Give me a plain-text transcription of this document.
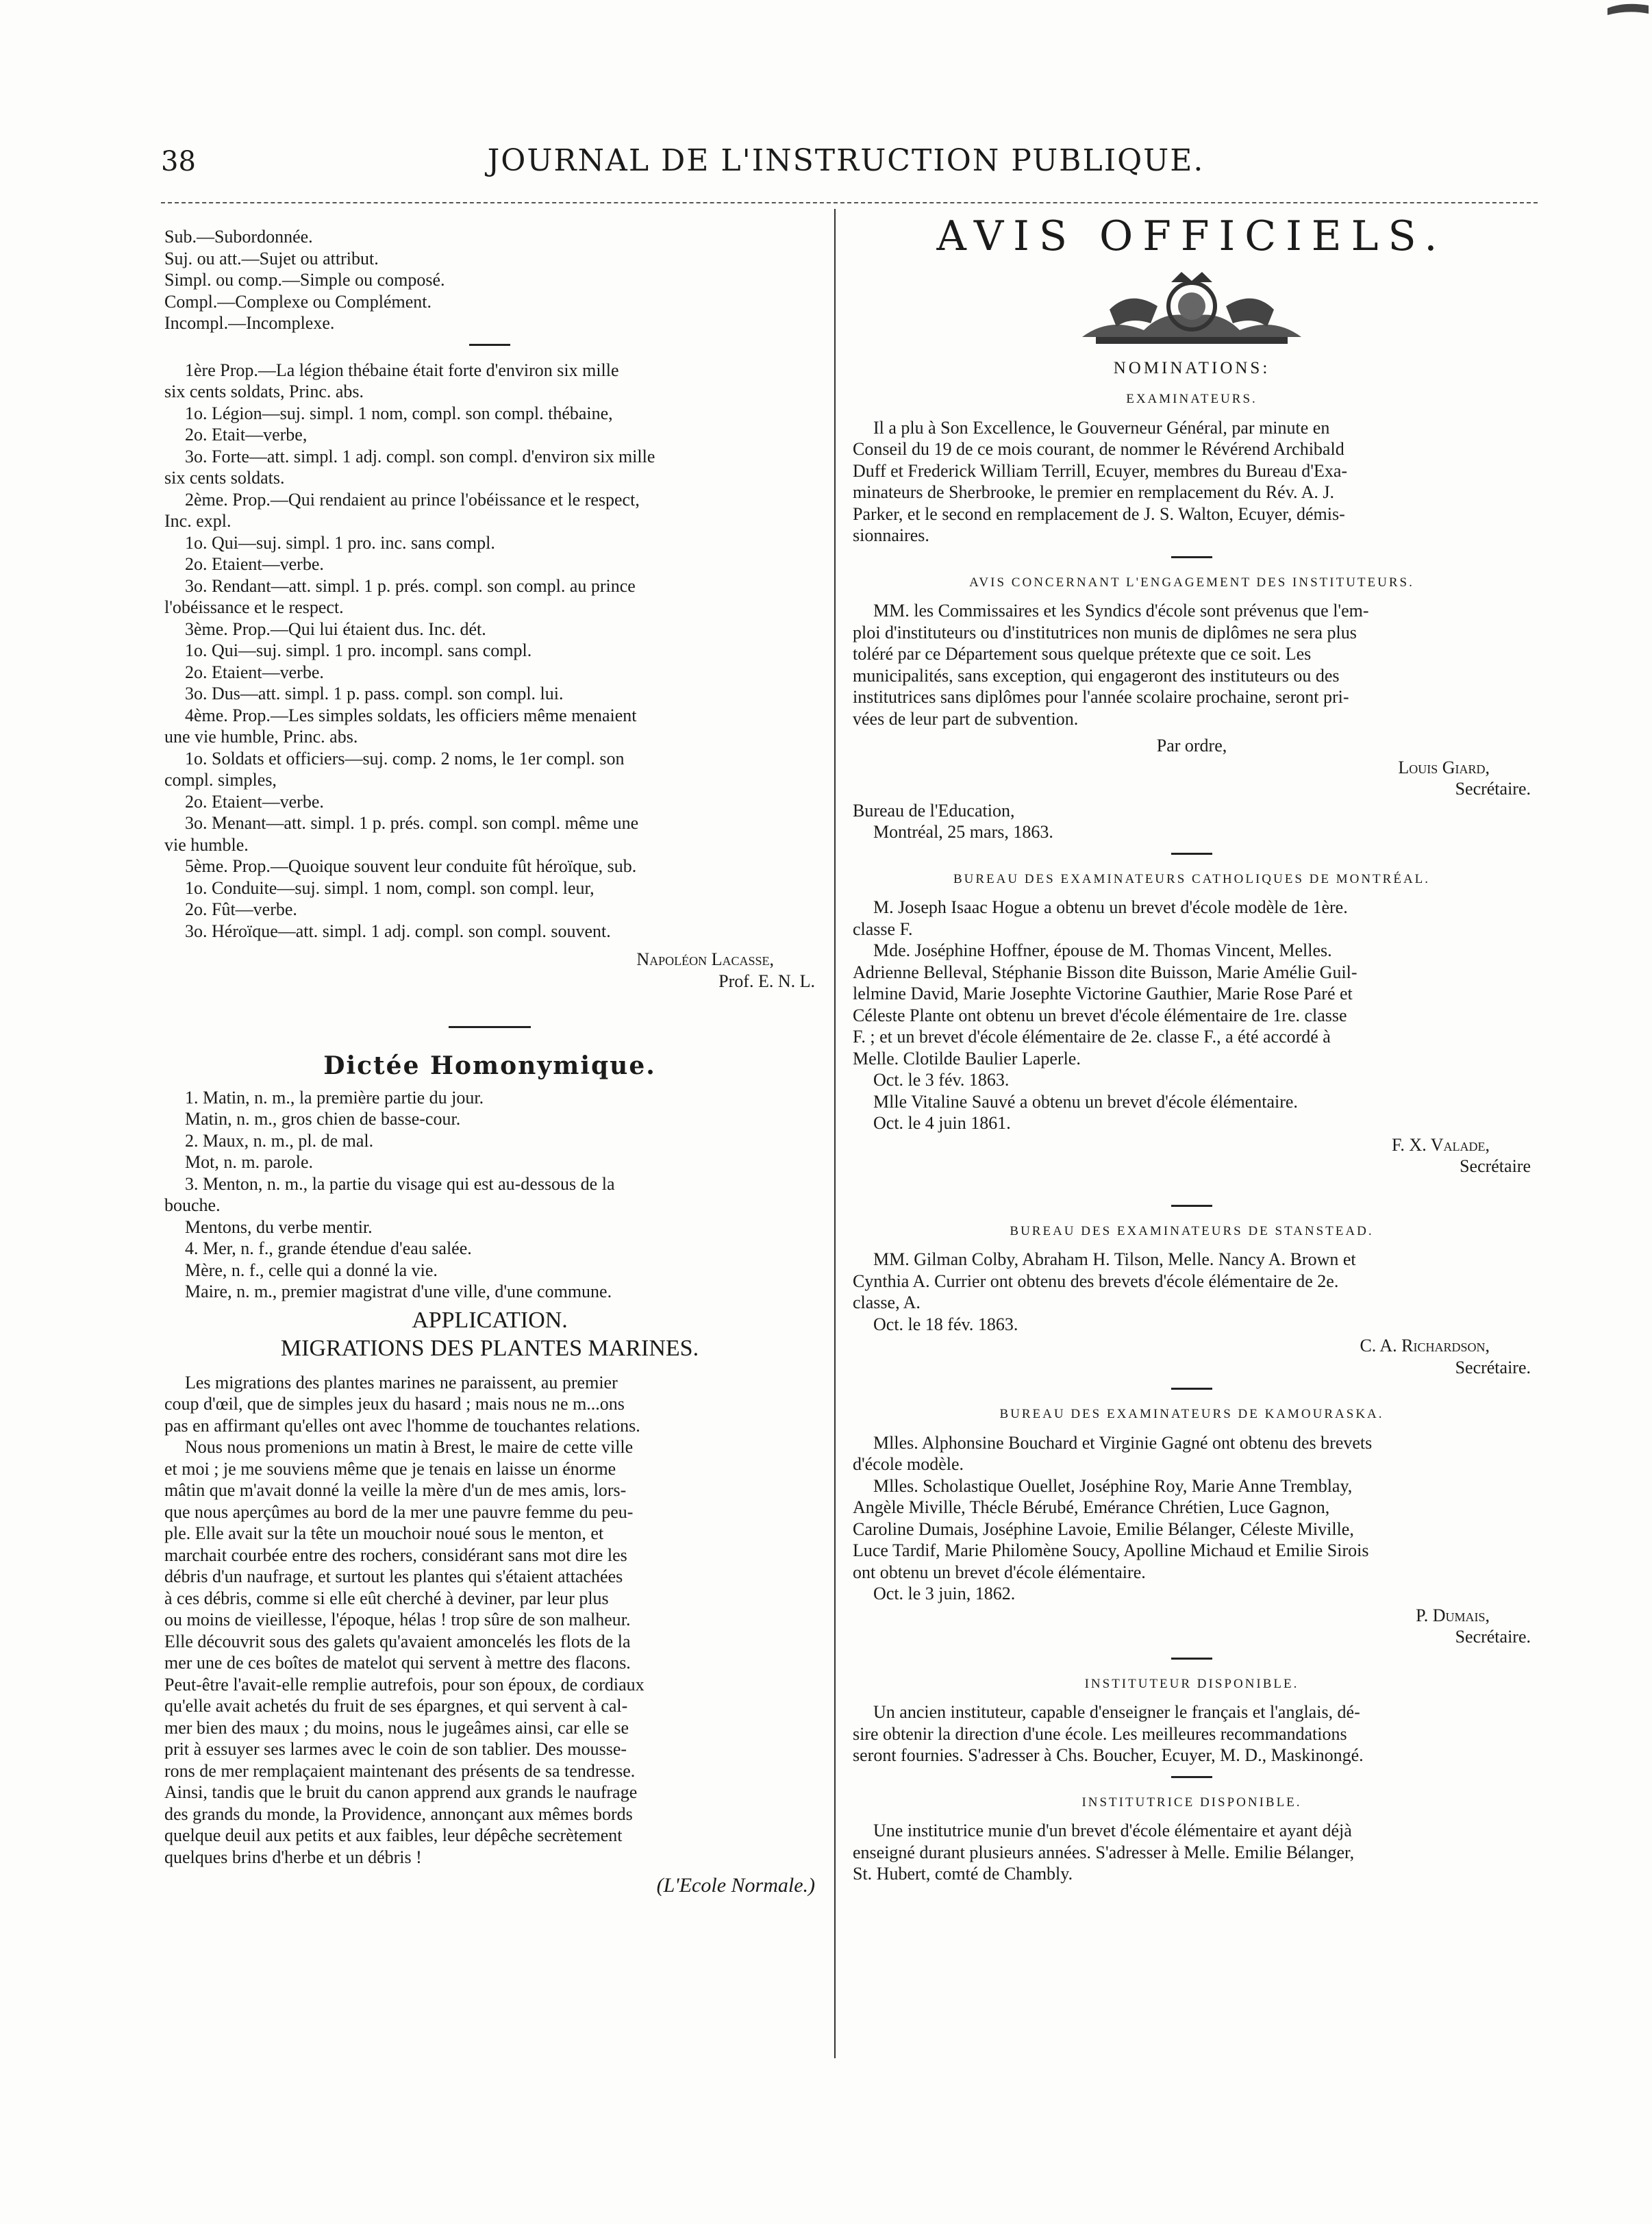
38	JOURNAL DE L'INSTRUCTION PUBLIQUE.
Sub.—Subordonnée.
Suj. ou att.—Sujet ou attribut.
Simpl. ou comp.—Simple ou composé.
Compl.—Complexe ou Complément.
Incompl.—Incomplexe.
1ère Prop.—La légion thébaine était forte d'environ six mille
six cents soldats, Princ. abs.
1o. Légion—suj. simpl. 1 nom, compl. son compl. thébaine,
2o. Etait—verbe,
3o. Forte—att. simpl. 1 adj. compl. son compl. d'environ six mille
six cents soldats.
2ème. Prop.—Qui rendaient au prince l'obéissance et le respect,
Inc. expl.
1o. Qui—suj. simpl. 1 pro. inc. sans compl.
2o. Etaient—verbe.
3o. Rendant—att. simpl. 1 p. prés. compl. son compl. au prince
l'obéissance et le respect.
3ème. Prop.—Qui lui étaient dus. Inc. dét.
1o. Qui—suj. simpl. 1 pro. incompl. sans compl.
2o. Etaient—verbe.
3o. Dus—att. simpl. 1 p. pass. compl. son compl. lui.
4ème. Prop.—Les simples soldats, les officiers même menaient
une vie humble, Princ. abs.
1o. Soldats et officiers—suj. comp. 2 noms, le 1er compl. son
compl. simples,
2o. Etaient—verbe.
3o. Menant—att. simpl. 1 p. prés. compl. son compl. même une
vie humble.
5ème. Prop.—Quoique souvent leur conduite fût héroïque, sub.
1o. Conduite—suj. simpl. 1 nom, compl. son compl. leur,
2o. Fût—verbe.
3o. Héroïque—att. simpl. 1 adj. compl. son compl. souvent.
Napoléon Lacasse,
Prof. E. N. L.
Dictée Homonymique.
1. Matin, n. m., la première partie du jour.
Matin, n. m., gros chien de basse-cour.
2. Maux, n. m., pl. de mal.
Mot, n. m. parole.
3. Menton, n. m., la partie du visage qui est au-dessous de la
bouche.
Mentons, du verbe mentir.
4. Mer, n. f., grande étendue d'eau salée.
Mère, n. f., celle qui a donné la vie.
Maire, n. m., premier magistrat d'une ville, d'une commune.
APPLICATION.
MIGRATIONS DES PLANTES MARINES.
Les migrations des plantes marines ne paraissent, au premier
coup d'œil, que de simples jeux du hasard ; mais nous ne m...ons
pas en affirmant qu'elles ont avec l'homme de touchantes relations.
Nous nous promenions un matin à Brest, le maire de cette ville
et moi ; je me souviens même que je tenais en laisse un énorme
mâtin que m'avait donné la veille la mère d'un de mes amis, lors-
que nous aperçûmes au bord de la mer une pauvre femme du peu-
ple. Elle avait sur la tête un mouchoir noué sous le menton, et
marchait courbée entre des rochers, considérant sans mot dire les
débris d'un naufrage, et surtout les plantes qui s'étaient attachées
à ces débris, comme si elle eût cherché à deviner, par leur plus
ou moins de vieillesse, l'époque, hélas ! trop sûre de son malheur.
Elle découvrit sous des galets qu'avaient amoncelés les flots de la
mer une de ces boîtes de matelot qui servent à mettre des flacons.
Peut-être l'avait-elle remplie autrefois, pour son époux, de cordiaux
qu'elle avait achetés du fruit de ses épargnes, et qui servent à cal-
mer bien des maux ; du moins, nous le jugeâmes ainsi, car elle se
prit à essuyer ses larmes avec le coin de son tablier. Des mousse-
rons de mer remplaçaient maintenant des présents de sa tendresse.
Ainsi, tandis que le bruit du canon apprend aux grands le naufrage
des grands du monde, la Providence, annonçant aux mêmes bords
quelque deuil aux petits et aux faibles, leur dépêche secrètement
quelques brins d'herbe et un débris !
(L'Ecole Normale.)
AVIS OFFICIELS.
NOMINATIONS:
EXAMINATEURS.
Il a plu à Son Excellence, le Gouverneur Général, par minute en
Conseil du 19 de ce mois courant, de nommer le Révérend Archibald
Duff et Frederick William Terrill, Ecuyer, membres du Bureau d'Exa-
minateurs de Sherbrooke, le premier en remplacement du Rév. A. J.
Parker, et le second en remplacement de J. S. Walton, Ecuyer, démis-
sionnaires.
AVIS CONCERNANT L'ENGAGEMENT DES INSTITUTEURS.
MM. les Commissaires et les Syndics d'école sont prévenus que l'em-
ploi d'instituteurs ou d'institutrices non munis de diplômes ne sera plus
toléré par ce Département sous quelque prétexte que ce soit. Les
municipalités, sans exception, qui engageront des instituteurs ou des
institutrices sans diplômes pour l'année scolaire prochaine, seront pri-
vées de leur part de subvention.
Par ordre,
Louis Giard,
Secrétaire.
Bureau de l'Education,
Montréal, 25 mars, 1863.
BUREAU DES EXAMINATEURS CATHOLIQUES DE MONTRÉAL.
M. Joseph Isaac Hogue a obtenu un brevet d'école modèle de 1ère.
classe F.
Mde. Joséphine Hoffner, épouse de M. Thomas Vincent, Melles.
Adrienne Belleval, Stéphanie Bisson dite Buisson, Marie Amélie Guil-
lelmine David, Marie Josephte Victorine Gauthier, Marie Rose Paré et
Céleste Plante ont obtenu un brevet d'école élémentaire de 1re. classe
F. ; et un brevet d'école élémentaire de 2e. classe F., a été accordé à
Melle. Clotilde Baulier Laperle.
Oct. le 3 fév. 1863.
Mlle Vitaline Sauvé a obtenu un brevet d'école élémentaire.
Oct. le 4 juin 1861.
F. X. Valade,
Secrétaire
BUREAU DES EXAMINATEURS DE STANSTEAD.
MM. Gilman Colby, Abraham H. Tilson, Melle. Nancy A. Brown et
Cynthia A. Currier ont obtenu des brevets d'école élémentaire de 2e.
classe, A.
Oct. le 18 fév. 1863.
C. A. Richardson,
Secrétaire.
BUREAU DES EXAMINATEURS DE KAMOURASKA.
Mlles. Alphonsine Bouchard et Virginie Gagné ont obtenu des brevets
d'école modèle.
Mlles. Scholastique Ouellet, Joséphine Roy, Marie Anne Tremblay,
Angèle Miville, Thécle Bérubé, Emérance Chrétien, Luce Gagnon,
Caroline Dumais, Joséphine Lavoie, Emilie Bélanger, Céleste Miville,
Luce Tardif, Marie Philomène Soucy, Apolline Michaud et Emilie Sirois
ont obtenu un brevet d'école élémentaire.
Oct. le 3 juin, 1862.
P. Dumais,
Secrétaire.
INSTITUTEUR DISPONIBLE.
Un ancien instituteur, capable d'enseigner le français et l'anglais, dé-
sire obtenir la direction d'une école. Les meilleures recommandations
seront fournies. S'adresser à Chs. Boucher, Ecuyer, M. D., Maskinongé.
INSTITUTRICE DISPONIBLE.
Une institutrice munie d'un brevet d'école élémentaire et ayant déjà
enseigné durant plusieurs années. S'adresser à Melle. Emilie Bélanger,
St. Hubert, comté de Chambly.
